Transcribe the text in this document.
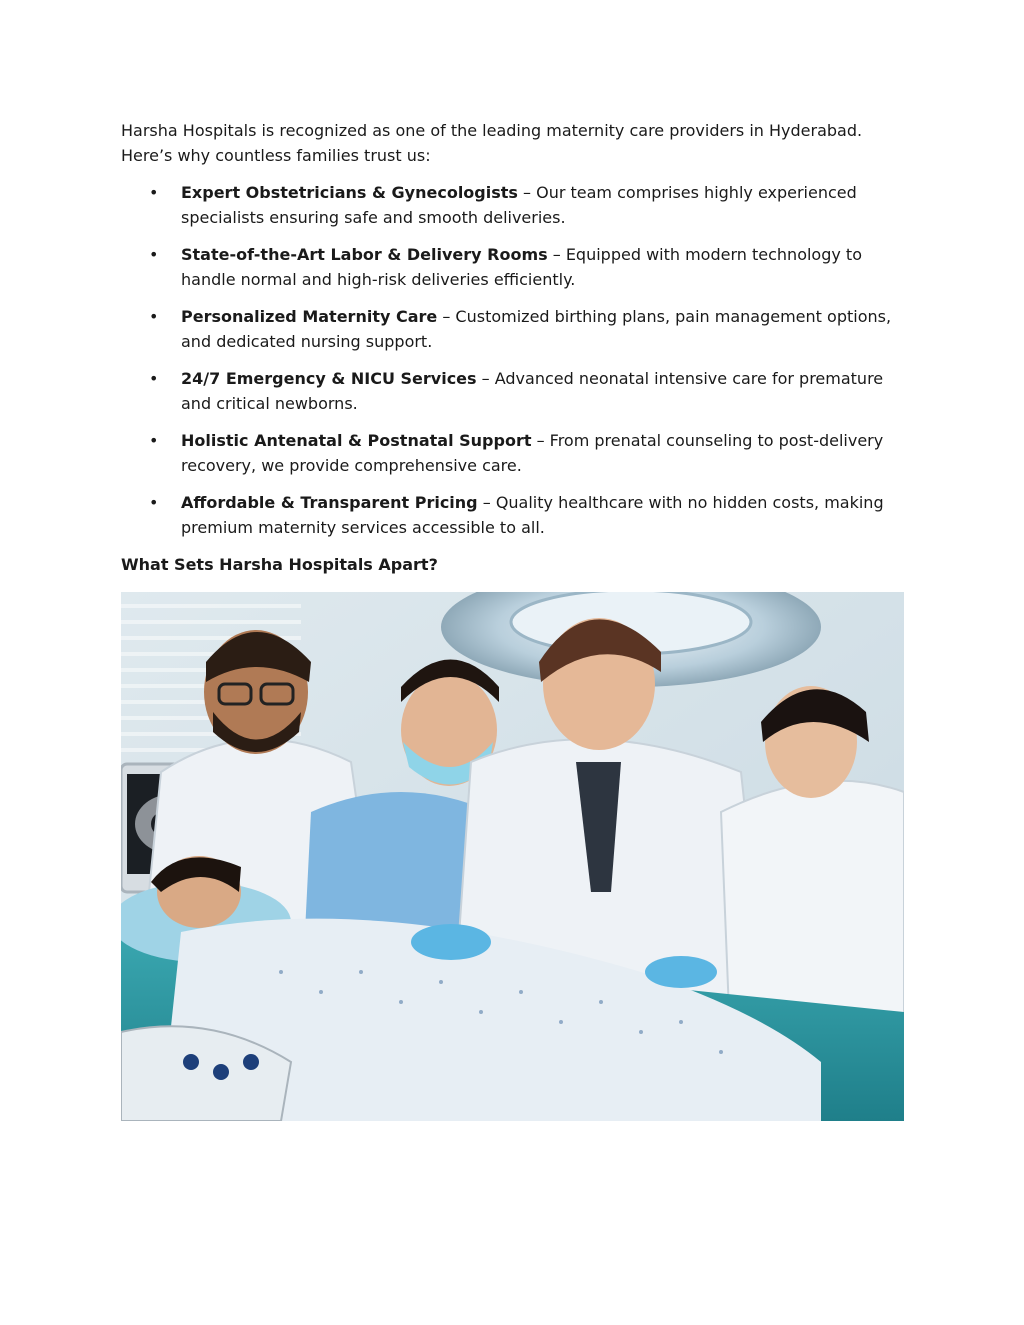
Harsha Hospitals is recognized as one of the leading maternity care providers in Hyderabad. Here’s why countless families trust us:

• Expert Obstetricians & Gynecologists – Our team comprises highly experienced specialists ensuring safe and smooth deliveries.
• State-of-the-Art Labor & Delivery Rooms – Equipped with modern technology to handle normal and high-risk deliveries efficiently.
• Personalized Maternity Care – Customized birthing plans, pain management options, and dedicated nursing support.
• 24/7 Emergency & NICU Services – Advanced neonatal intensive care for premature and critical newborns.
• Holistic Antenatal & Postnatal Support – From prenatal counseling to post-delivery recovery, we provide comprehensive care.
• Affordable & Transparent Pricing – Quality healthcare with no hidden costs, making premium maternity services accessible to all.
What Sets Harsha Hospitals Apart?
